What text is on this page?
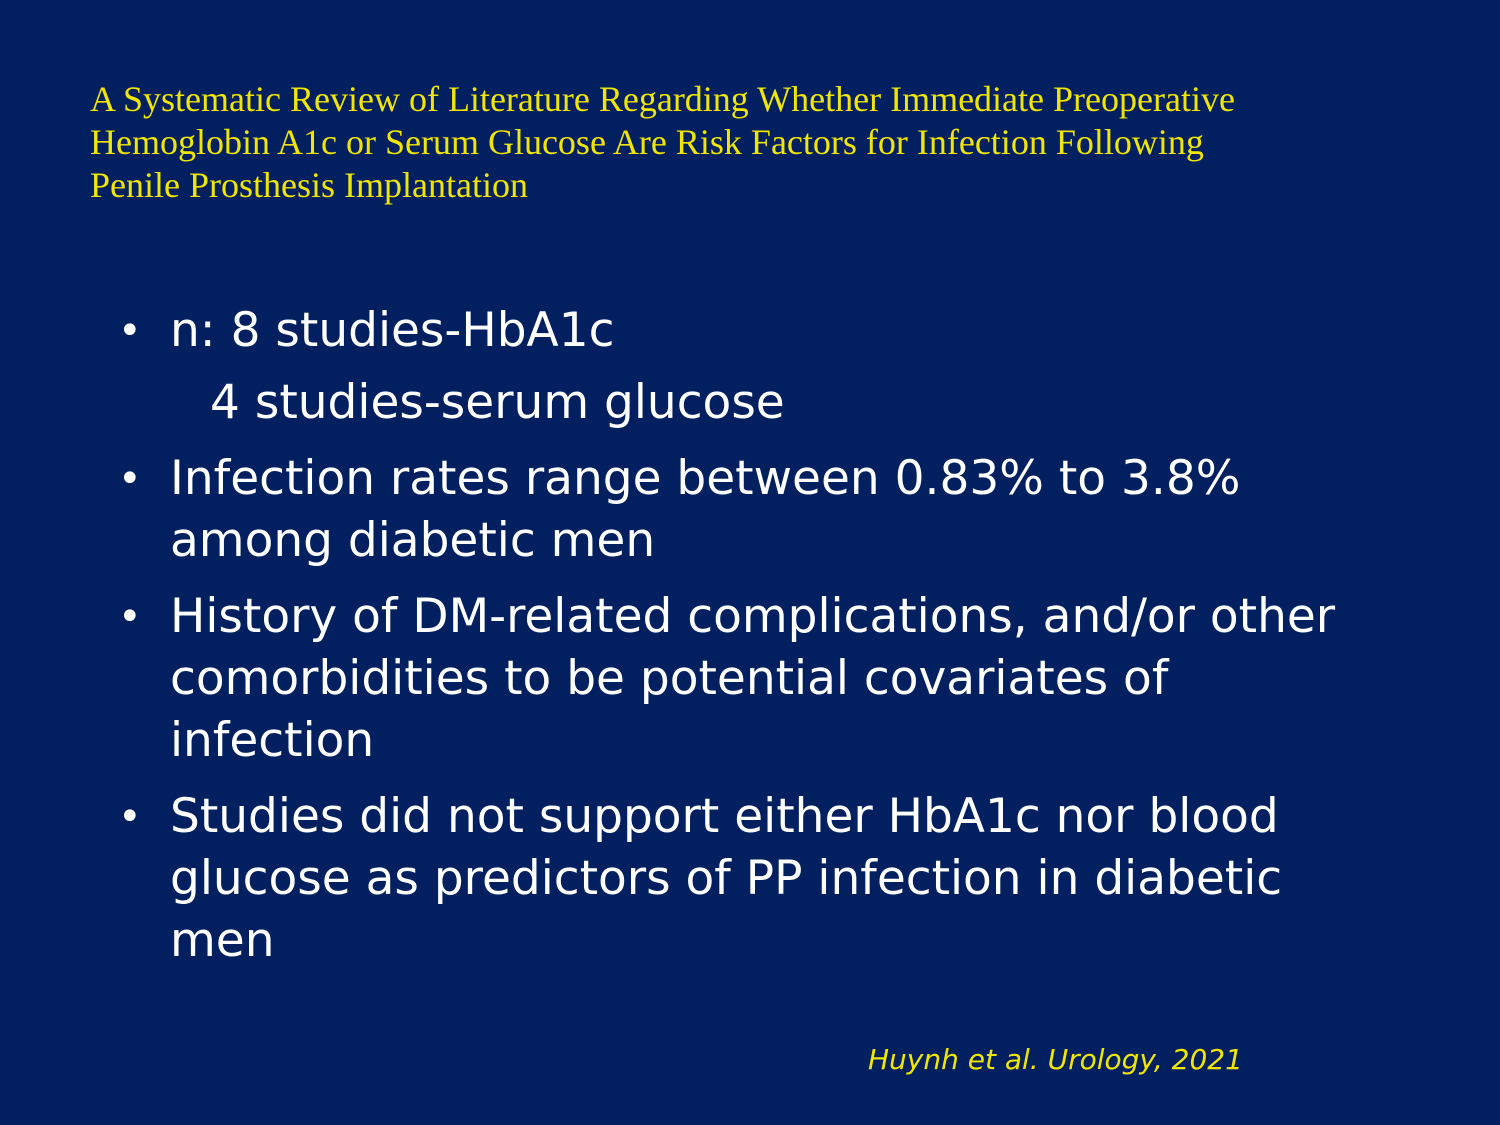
A Systematic Review of Literature Regarding Whether Immediate Preoperative
Hemoglobin A1c or Serum Glucose Are Risk Factors for Infection Following
Penile Prosthesis Implantation
• n: 8 studies-HbA1c
4 studies-serum glucose
• Infection rates range between 0.83% to 3.8%
among diabetic men
• History of DM-related complications, and/or other
comorbidities to be potential covariates of
infection
• Studies did not support either HbA1c nor blood
glucose as predictors of PP infection in diabetic
men
Huynh et al. Urology, 2021
